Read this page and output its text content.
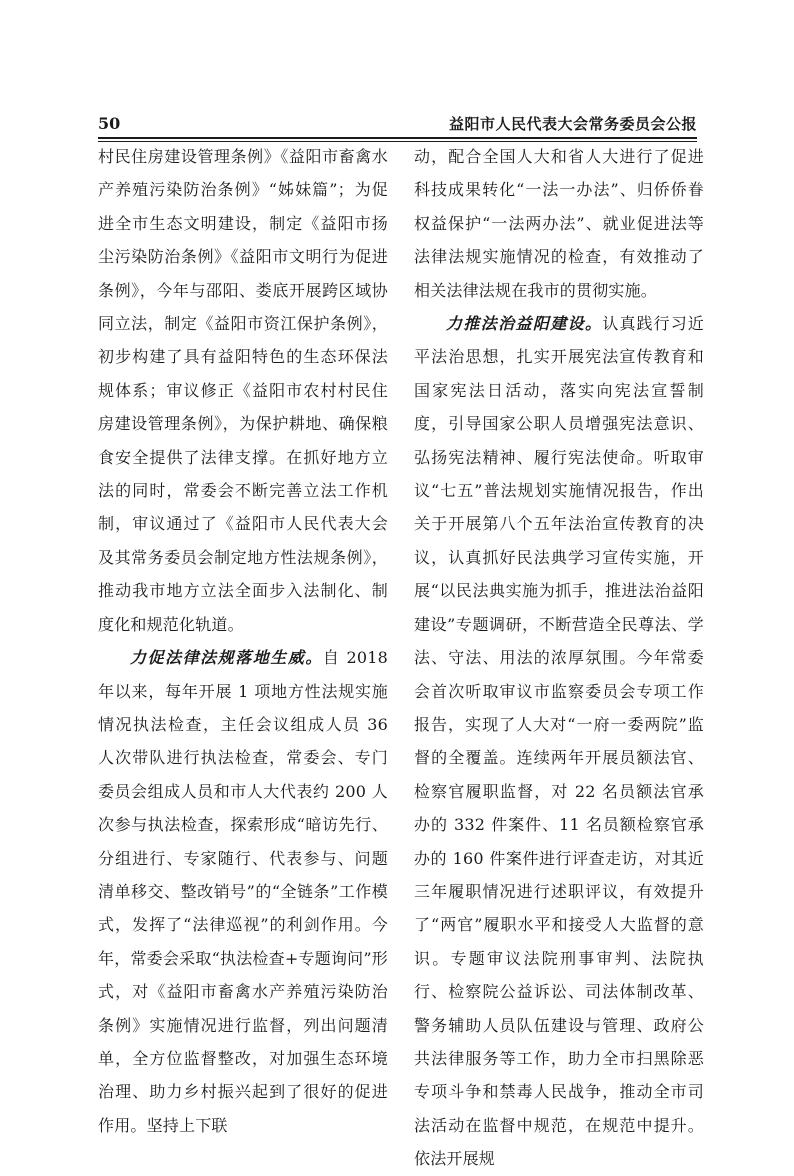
50	益阳市人民代表大会常务委员会公报

村民住房建设管理条例》《益阳市畜禽水产养殖污染防治条例》“姊妹篇”；为促进全市生态文明建设，制定《益阳市扬尘污染防治条例》《益阳市文明行为促进条例》，今年与邵阳、娄底开展跨区域协同立法，制定《益阳市资江保护条例》，初步构建了具有益阳特色的生态环保法规体系；审议修正《益阳市农村村民住房建设管理条例》，为保护耕地、确保粮食安全提供了法律支撑。在抓好地方立法的同时，常委会不断完善立法工作机制，审议通过了《益阳市人民代表大会及其常务委员会制定地方性法规条例》，推动我市地方立法全面步入法制化、制度化和规范化轨道。

力促法律法规落地生威。自 2018 年以来，每年开展 1 项地方性法规实施情况执法检查，主任会议组成人员 36 人次带队进行执法检查，常委会、专门委员会组成人员和市人大代表约 200 人次参与执法检查，探索形成“暗访先行、分组进行、专家随行、代表参与、问题清单移交、整改销号”的“全链条”工作模式，发挥了“法律巡视”的利剑作用。今年，常委会采取“执法检查+专题询问”形式，对《益阳市畜禽水产养殖污染防治条例》实施情况进行监督，列出问题清单，全方位监督整改，对加强生态环境治理、助力乡村振兴起到了很好的促进作用。坚持上下联

动，配合全国人大和省人大进行了促进科技成果转化“一法一办法”、归侨侨眷权益保护“一法两办法”、就业促进法等法律法规实施情况的检查，有效推动了相关法律法规在我市的贯彻实施。

力推法治益阳建设。认真践行习近平法治思想，扎实开展宪法宣传教育和国家宪法日活动，落实向宪法宣誓制度，引导国家公职人员增强宪法意识、弘扬宪法精神、履行宪法使命。听取审议“七五”普法规划实施情况报告，作出关于开展第八个五年法治宣传教育的决议，认真抓好民法典学习宣传实施，开展“以民法典实施为抓手，推进法治益阳建设”专题调研，不断营造全民尊法、学法、守法、用法的浓厚氛围。今年常委会首次听取审议市监察委员会专项工作报告，实现了人大对“一府一委两院”监督的全覆盖。连续两年开展员额法官、检察官履职监督，对 22 名员额法官承办的 332 件案件、11 名员额检察官承办的 160 件案件进行评查走访，对其近三年履职情况进行述职评议，有效提升了“两官”履职水平和接受人大监督的意识。专题审议法院刑事审判、法院执行、检察院公益诉讼、司法体制改革、警务辅助人员队伍建设与管理、政府公共法律服务等工作，助力全市扫黑除恶专项斗争和禁毒人民战争，推动全市司法活动在监督中规范，在规范中提升。依法开展规
